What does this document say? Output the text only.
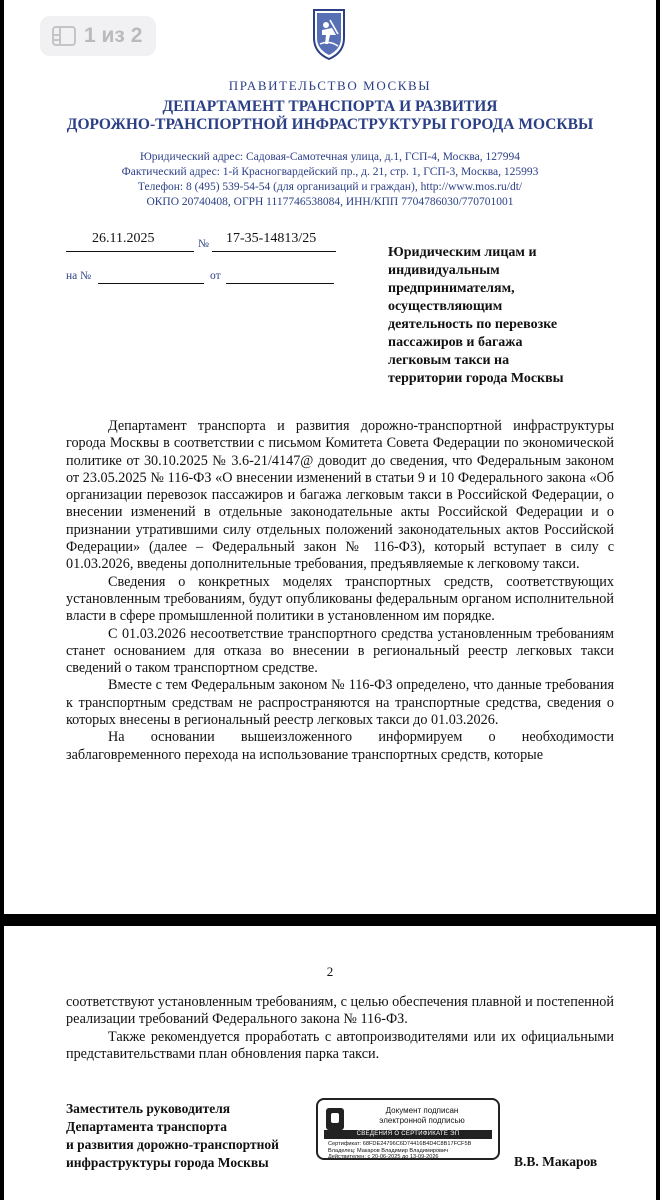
1 из 2
ПРАВИТЕЛЬСТВО МОСКВЫ
ДЕПАРТАМЕНТ ТРАНСПОРТА И РАЗВИТИЯ
ДОРОЖНО-ТРАНСПОРТНОЙ ИНФРАСТРУКТУРЫ ГОРОДА МОСКВЫ
Юридический адрес: Садовая-Самотечная улица, д.1, ГСП-4, Москва, 127994
Фактический адрес: 1-й Красногвардейский пр., д. 21, стр. 1, ГСП-3, Москва, 125993
Телефон: 8 (495) 539-54-54 (для организаций и граждан), http://www.mos.ru/dt/
ОКПО 20740408, ОГРН 1117746538084, ИНН/КПП 7704786030/770701001
26.11.2025	№ 17-35-14813/25
на №	от
Юридическим лицам и
индивидуальным
предпринимателям,
осуществляющим
деятельность по перевозке
пассажиров и багажа
легковым такси на
территории города Москвы

Департамент транспорта и развития дорожно-транспортной инфраструктуры города Москвы в соответствии с письмом Комитета Совета Федерации по экономической политике от 30.10.2025 № 3.6-21/4147@ доводит до сведения, что Федеральным законом от 23.05.2025 № 116-ФЗ «О внесении изменений в статьи 9 и 10 Федерального закона «Об организации перевозок пассажиров и багажа легковым такси в Российской Федерации, о внесении изменений в отдельные законодательные акты Российской Федерации и о признании утратившими силу отдельных положений законодательных актов Российской Федерации» (далее – Федеральный закон № 116-ФЗ), который вступает в силу с 01.03.2026, введены дополнительные требования, предъявляемые к легковому такси.

Сведения о конкретных моделях транспортных средств, соответствующих установленным требованиям, будут опубликованы федеральным органом исполнительной власти в сфере промышленной политики в установленном им порядке.

С 01.03.2026 несоответствие транспортного средства установленным требованиям станет основанием для отказа во внесении в региональный реестр легковых такси сведений о таком транспортном средстве.

Вместе с тем Федеральным законом № 116-ФЗ определено, что данные требования к транспортным средствам не распространяются на транспортные средства, сведения о которых внесены в региональный реестр легковых такси до 01.03.2026.

На основании вышеизложенного информируем о необходимости заблаговременного перехода на использование транспортных средств, которые

2

соответствуют установленным требованиям, с целью обеспечения плавной и постепенной реализации требований Федерального закона № 116-ФЗ.

Также рекомендуется проработать с автопроизводителями или их официальными представительствами план обновления парка такси.

Заместитель руководителя
Департамента транспорта
и развития дорожно-транспортной
инфраструктуры города Москвы
Документ подписан
электронной подписью
СВЕДЕНИЯ О СЕРТИФИКАТЕ ЭП
Сертификат: 68FDE24796C6D74416B4D4C8B17FCF5B
Владелец: Макаров Владимир Владимирович
Действителен: с 20-06-2025 до 13-09-2026	В.В. Макаров
